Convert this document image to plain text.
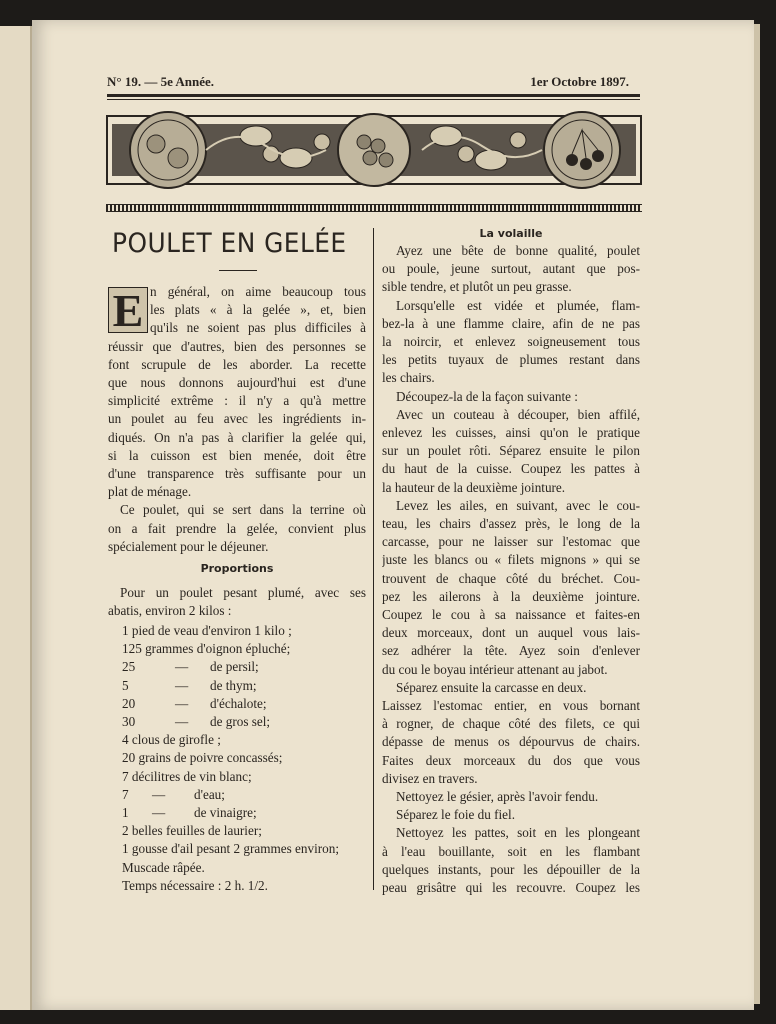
N° 19. — 5e Année.	1er Octobre 1897.
POULET EN GELÉE
E n général, on aime beaucoup tous
les plats « à la gelée », et, bien
qu'ils ne soient pas plus difficiles à
réussir que d'autres, bien des personnes se
font scrupule de les aborder. La recette
que nous donnons aujourd'hui est d'une
simplicité extrême : il n'y a qu'à mettre
un poulet au feu avec les ingrédients in-
diqués. On n'a pas à clarifier la gelée qui,
si la cuisson est bien menée, doit être
d'une transparence très suffisante pour un
plat de ménage.
Ce poulet, qui se sert dans la terrine où
on a fait prendre la gelée, convient plus
spécialement pour le déjeuner.
Proportions
Pour un poulet pesant plumé, avec ses
abatis, environ 2 kilos :
1 pied de veau d'environ 1 kilo ;
125 grammes d'oignon épluché;
25	— de persil;
5	— de thym;
20	— d'échalote;
30	— de gros sel;
4 clous de girofle ;
20 grains de poivre concassés;
7 décilitres de vin blanc;
7 — d'eau;
1 — de vinaigre;
2 belles feuilles de laurier;
1 gousse d'ail pesant 2 grammes environ;
Muscade râpée.
Temps nécessaire : 2 h. 1/2.
La volaille
Ayez une bête de bonne qualité, poulet
ou poule, jeune surtout, autant que pos-
sible tendre, et plutôt un peu grasse.
Lorsqu'elle est vidée et plumée, flam-
bez-la à une flamme claire, afin de ne pas
la noircir, et enlevez soigneusement tous
les petits tuyaux de plumes restant dans
les chairs.
Découpez-la de la façon suivante :
Avec un couteau à découper, bien affilé,
enlevez les cuisses, ainsi qu'on le pratique
sur un poulet rôti. Séparez ensuite le pilon
du haut de la cuisse. Coupez les pattes à
la hauteur de la deuxième jointure.
Levez les ailes, en suivant, avec le cou-
teau, les chairs d'assez près, le long de la
carcasse, pour ne laisser sur l'estomac que
juste les blancs ou « filets mignons » qui se
trouvent de chaque côté du bréchet. Cou-
pez les ailerons à la deuxième jointure.
Coupez le cou à sa naissance et faites-en
deux morceaux, dont un auquel vous lais-
sez adhérer la tête. Ayez soin d'enlever
du cou le boyau intérieur attenant au jabot.
Séparez ensuite la carcasse en deux.
Laissez l'estomac entier, en vous bornant
à rogner, de chaque côté des filets, ce qui
dépasse de menus os dépourvus de chairs.
Faites deux morceaux du dos que vous
divisez en travers.
Nettoyez le gésier, après l'avoir fendu.
Séparez le foie du fiel.
Nettoyez les pattes, soit en les plongeant
à l'eau bouillante, soit en les flambant
quelques instants, pour les dépouiller de la
peau grisâtre qui les recouvre. Coupez les
